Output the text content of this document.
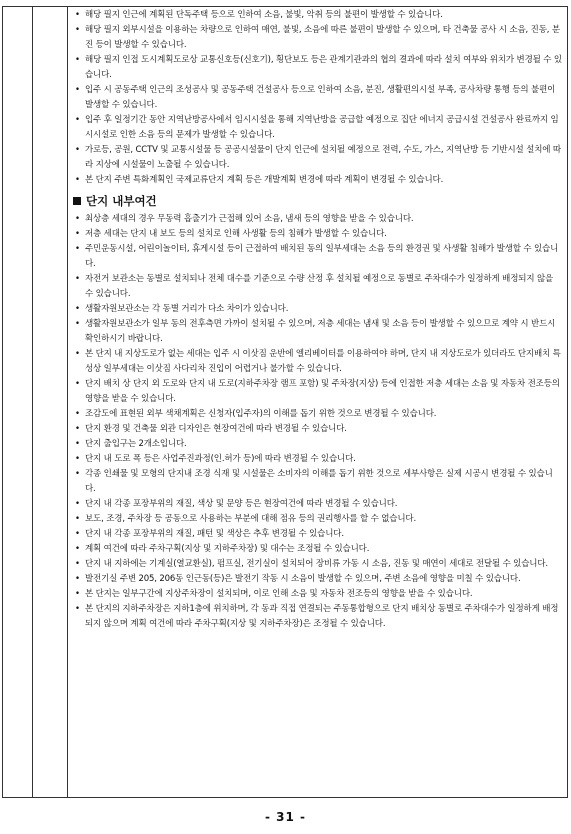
• 해당 필지 인근에 계획된 단독주택 등으로 인하여 소음, 불빛, 악취 등의 불편이 발생할 수 있습니다.
• 해당 필지 외부시설을 이용하는 차량으로 인하여 매연, 불빛, 소음에 따른 불편이 발생할 수 있으며, 타 건축물 공사 시 소음, 진동, 분진 등이 발생할 수 있습니다.
• 해당 필지 인접 도시계획도로상 교통신호등(신호기), 횡단보도 등은 관계기관과의 협의 결과에 따라 설치 여부와 위치가 변경될 수 있습니다.
• 입주 시 공동주택 인근의 조성공사 및 공동주택 건설공사 등으로 인하여 소음, 분진, 생활편의시설 부족, 공사차량 통행 등의 불편이 발생할 수 있습니다.
• 입주 후 일정기간 동안 지역난방공사에서 임시시설을 통해 지역난방을 공급할 예정으로 집단 에너지 공급시설 건설공사 완료까지 임시시설로 인한 소음 등의 문제가 발생할 수 있습니다.
• 가로등, 공원, CCTV 및 교통시설물 등 공공시설물이 단지 인근에 설치될 예정으로 전력, 수도, 가스, 지역난방 등 기반시설 설치에 따라 지상에 시설물이 노출될 수 있습니다.
• 본 단지 주변 특화계획인 국제교류단지 계획 등은 개발계획 변경에 따라 계획이 변경될 수 있습니다.
단지 내부여건
• 최상층 세대의 경우 무동력 흡출기가 근접해 있어 소음, 냄새 등의 영향을 받을 수 있습니다.
• 저층 세대는 단지 내 보도 등의 설치로 인해 사생활 등의 침해가 발생할 수 있습니다.
• 주민운동시설, 어린이놀이터, 휴게시설 등이 근접하여 배치된 동의 일부세대는 소음 등의 환경권 및 사생활 침해가 발생할 수 있습니다.
• 자전거 보관소는 동별로 설치되나 전체 대수를 기준으로 수량 산정 후 설치될 예정으로 동별로 주차대수가 일정하게 배정되지 않을 수 있습니다.
• 생활자원보관소는 각 동별 거리가 다소 차이가 있습니다.
• 생활자원보관소가 일부 동의 전후측면 가까이 설치될 수 있으며, 저층 세대는 냄새 및 소음 등이 발생할 수 있으므로 계약 시 반드시 확인하시기 바랍니다.
• 본 단지 내 지상도로가 없는 세대는 입주 시 이삿짐 운반에 엘리베이터를 이용하여야 하며, 단지 내 지상도로가 있더라도 단지배치 특성상 일부세대는 이삿짐 사다리차 진입이 어렵거나 불가할 수 있습니다.
• 단지 배치 상 단지 외 도로와 단지 내 도로(지하주차장 램프 포함) 및 주차장(지상) 등에 인접한 저층 세대는 소음 및 자동차 전조등의 영향을 받을 수 있습니다.
• 조감도에 표현된 외부 색채계획은 신청자(입주자)의 이해를 돕기 위한 것으로 변경될 수 있습니다.
• 단지 환경 및 건축물 외관 디자인은 현장여건에 따라 변경될 수 있습니다.
• 단지 출입구는 2개소입니다.
• 단지 내 도로 폭 등은 사업주진과정(인.허가 등)에 따라 변경될 수 있습니다.
• 각종 인쇄물 및 모형의 단지내 조경 식재 및 시설물은 소비자의 이해를 돕기 위한 것으로 세부사항은 실제 시공시 변경될 수 있습니다.
• 단지 내 각종 포장부위의 재질, 색상 및 문양 등은 현장여건에 따라 변경될 수 있습니다.
• 보도, 조경, 주차장 등 공동으로 사용하는 부분에 대해 점유 등의 권리행사를 할 수 없습니다.
• 단지 내 각종 포장부위의 재질, 패턴 및 색상은 추후 변경될 수 있습니다.
• 계획 여건에 따라 주차구획(지상 및 지하주차장) 및 대수는 조정될 수 있습니다.
• 단지 내 지하에는 기계실(열교환실), 펌프실, 전기실이 설치되어 장비류 가동 시 소음, 진동 및 매연이 세대로 전달될 수 있습니다.
• 발전기실 주변 205, 206동 인근동(등)은 발전기 작동 시 소음이 발생할 수 있으며, 주변 소음에 영향을 미칠 수 있습니다.
• 본 단지는 일부구간에 지상주차장이 설치되며, 이로 인해 소음 및 자동차 전조등의 영향을 받을 수 있습니다.
• 본 단지의 지하주차장은 지하1층에 위치하며, 각 동과 직접 연결되는 주동통합형으로 단지 배치상 동별로 주차대수가 일정하게 배정되지 않으며 계획 여건에 따라 주차구획(지상 및 지하주차장)은 조정될 수 있습니다.
- 31 -
